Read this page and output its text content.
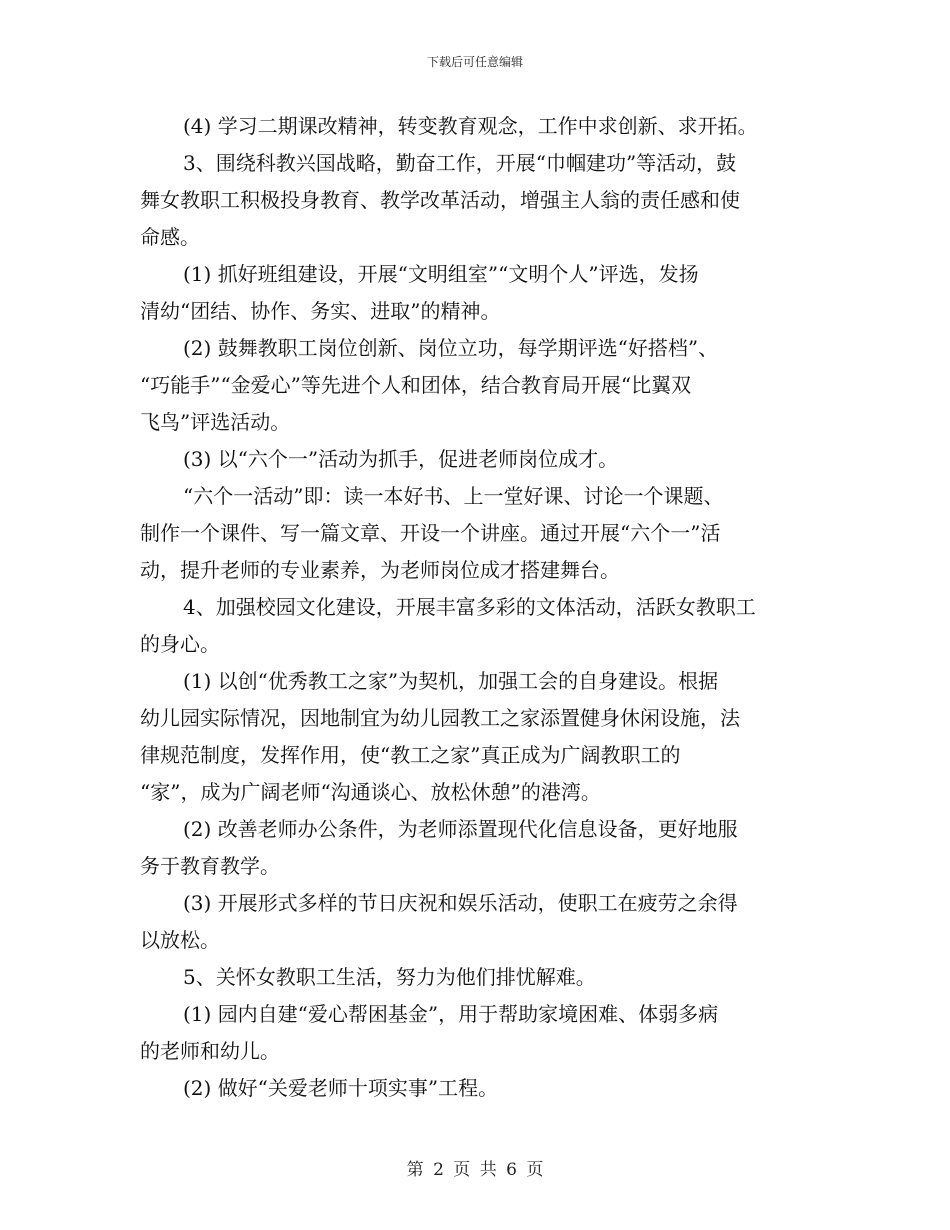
下载后可任意编辑

(4) 学习二期课改精神，转变教育观念，工作中求创新、求开拓。

3、围绕科教兴国战略，勤奋工作，开展“巾帼建功”等活动，鼓
舞女教职工积极投身教育、教学改革活动，增强主人翁的责任感和使
命感。

(1) 抓好班组建设，开展“文明组室”“文明个人”评选，发扬
清幼“团结、协作、务实、进取”的精神。

(2) 鼓舞教职工岗位创新、岗位立功，每学期评选“好搭档”、
“巧能手”“金爱心”等先进个人和团体，结合教育局开展“比翼双
飞鸟”评选活动。

(3) 以“六个一”活动为抓手，促进老师岗位成才。

“六个一活动”即：读一本好书、上一堂好课、讨论一个课题、
制作一个课件、写一篇文章、开设一个讲座。通过开展“六个一”活
动，提升老师的专业素养，为老师岗位成才搭建舞台。

4、加强校园文化建设，开展丰富多彩的文体活动，活跃女教职工
的身心。

(1) 以创“优秀教工之家”为契机，加强工会的自身建设。根据
幼儿园实际情况，因地制宜为幼儿园教工之家添置健身休闲设施，法
律规范制度，发挥作用，使“教工之家”真正成为广阔教职工的
“家”，成为广阔老师“沟通谈心、放松休憩”的港湾。

(2) 改善老师办公条件，为老师添置现代化信息设备，更好地服
务于教育教学。

(3) 开展形式多样的节日庆祝和娱乐活动，使职工在疲劳之余得
以放松。

5、关怀女教职工生活，努力为他们排忧解难。

(1) 园内自建“爱心帮困基金”，用于帮助家境困难、体弱多病
的老师和幼儿。

(2) 做好“关爱老师十项实事”工程。

第 2 页 共 6 页
